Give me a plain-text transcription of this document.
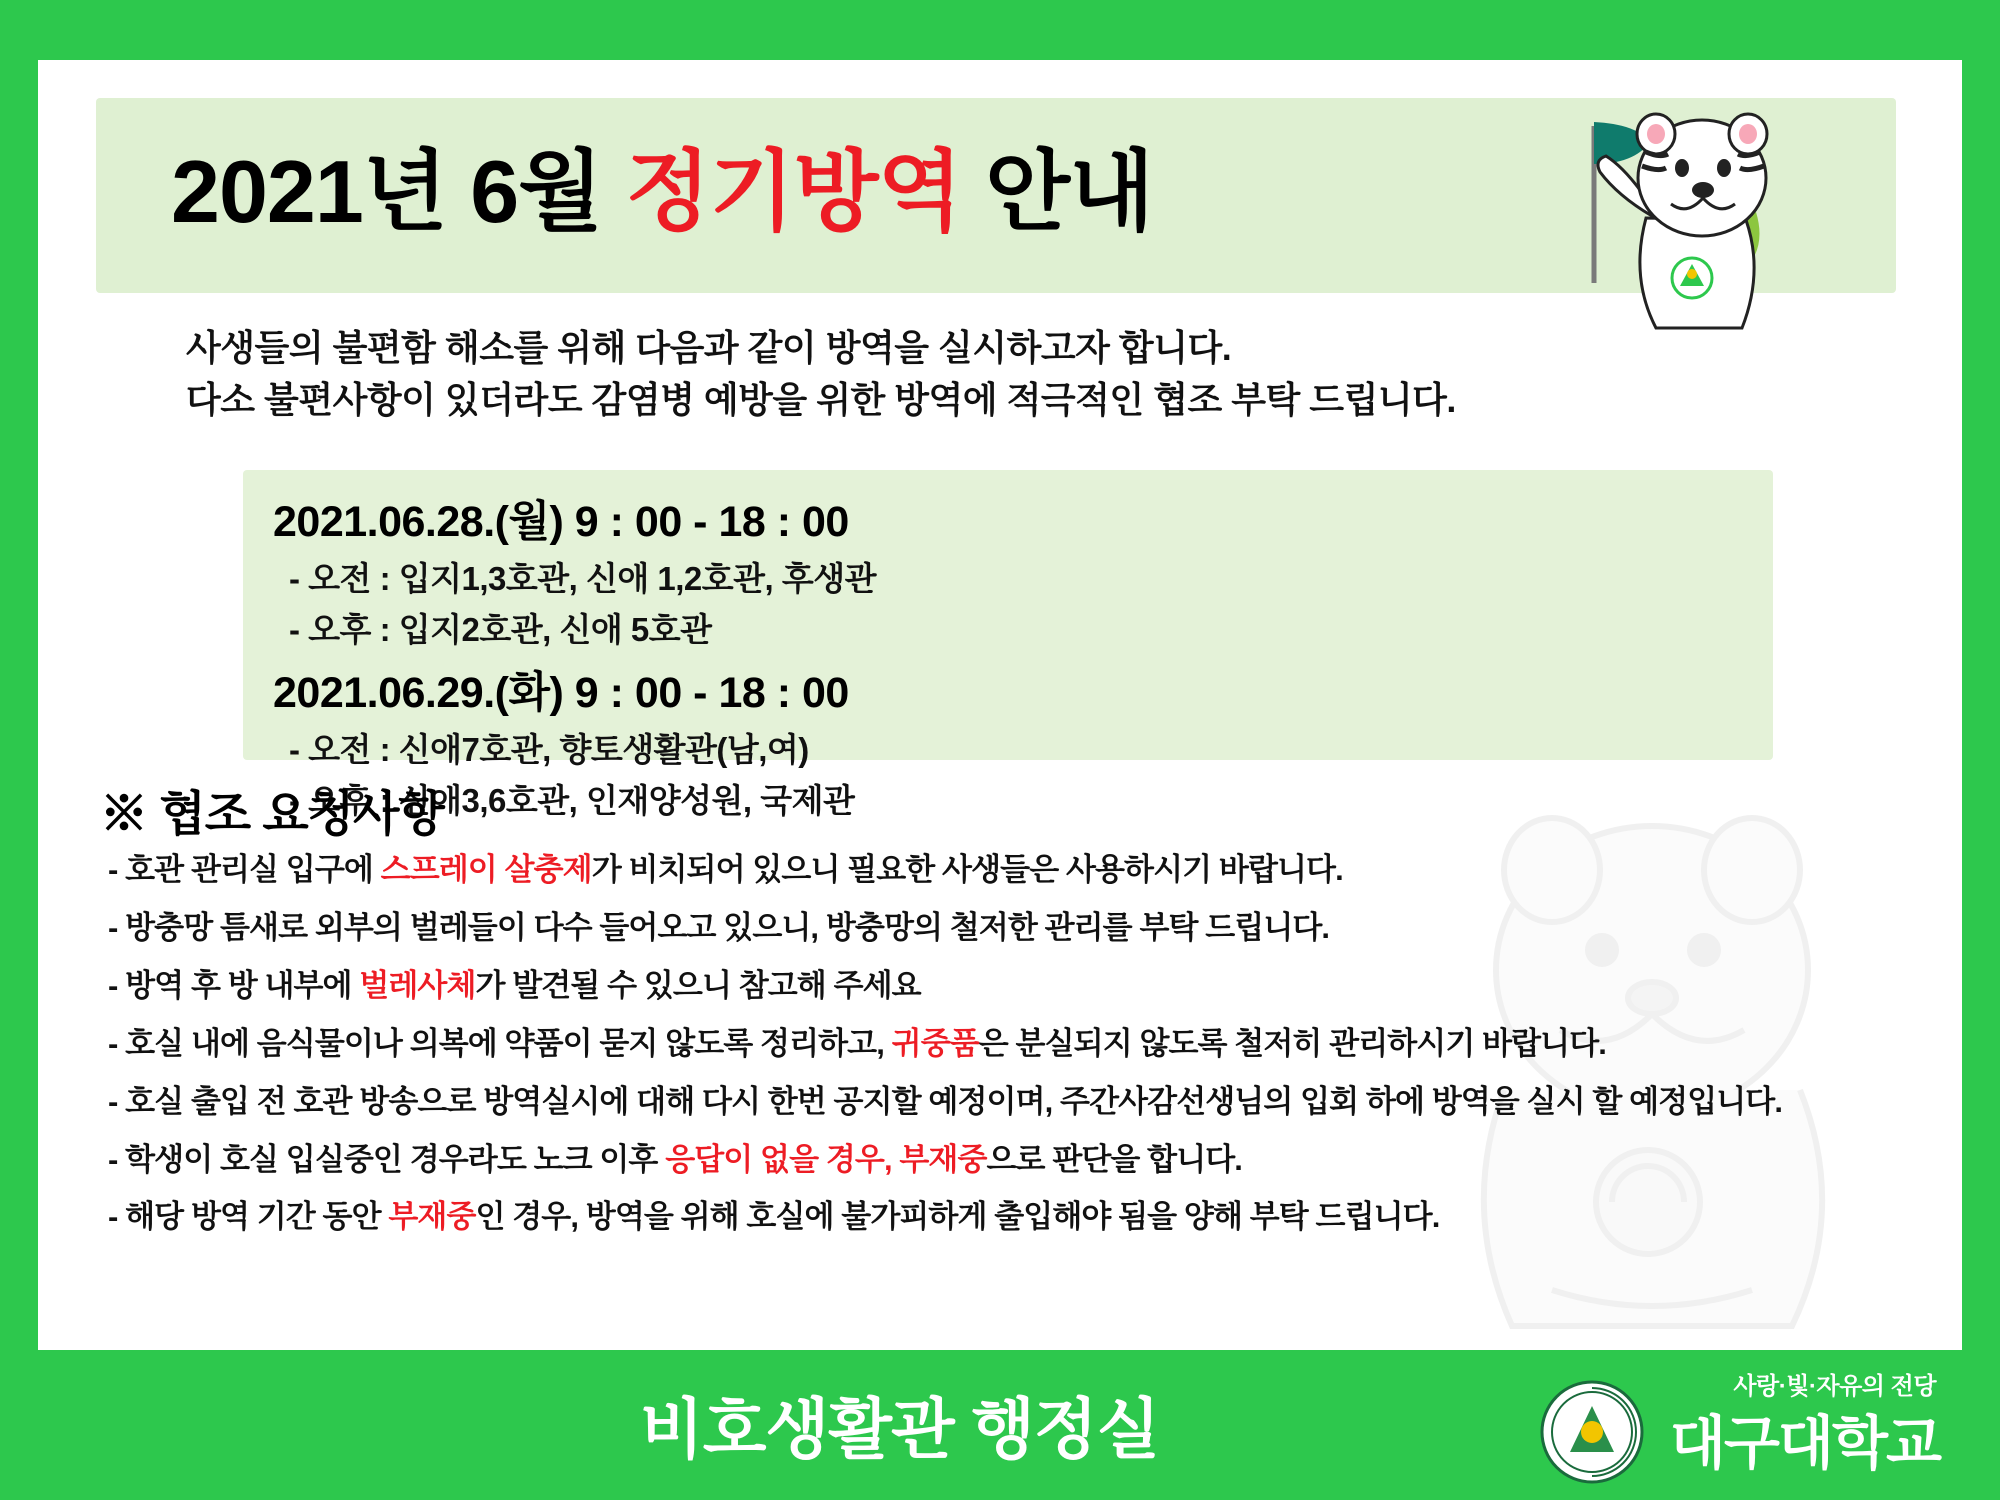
2021년 6월 정기방역 안내
사생들의 불편함 해소를 위해 다음과 같이 방역을 실시하고자 합니다.
다소 불편사항이 있더라도 감염병 예방을 위한 방역에 적극적인 협조 부탁 드립니다.
2021.06.28.(월) 9 : 00 - 18 : 00
- 오전 : 입지1,3호관, 신애 1,2호관, 후생관
- 오후 : 입지2호관, 신애 5호관
2021.06.29.(화) 9 : 00 - 18 : 00
- 오전 : 신애7호관, 향토생활관(남,여)
- 오후 : 신애3,6호관, 인재양성원, 국제관
※ 협조 요청사항
- 호관 관리실 입구에 스프레이 살충제가 비치되어 있으니 필요한 사생들은 사용하시기 바랍니다.
- 방충망 틈새로 외부의 벌레들이 다수 들어오고 있으니, 방충망의 철저한 관리를 부탁 드립니다.
- 방역 후 방 내부에 벌레사체가 발견될 수 있으니 참고해 주세요
- 호실 내에 음식물이나 의복에 약품이 묻지 않도록 정리하고, 귀중품은 분실되지 않도록 철저히 관리하시기 바랍니다.
- 호실 출입 전 호관 방송으로 방역실시에 대해 다시 한번 공지할 예정이며, 주간사감선생님의 입회 하에 방역을 실시 할 예정입니다.
- 학생이 호실 입실중인 경우라도 노크 이후 응답이 없을 경우, 부재중으로 판단을 합니다.
- 해당 방역 기간 동안 부재중인 경우, 방역을 위해 호실에 불가피하게 출입해야 됨을 양해 부탁 드립니다.
비호생활관 행정실
사랑·빛·자유의 전당
대구대학교
